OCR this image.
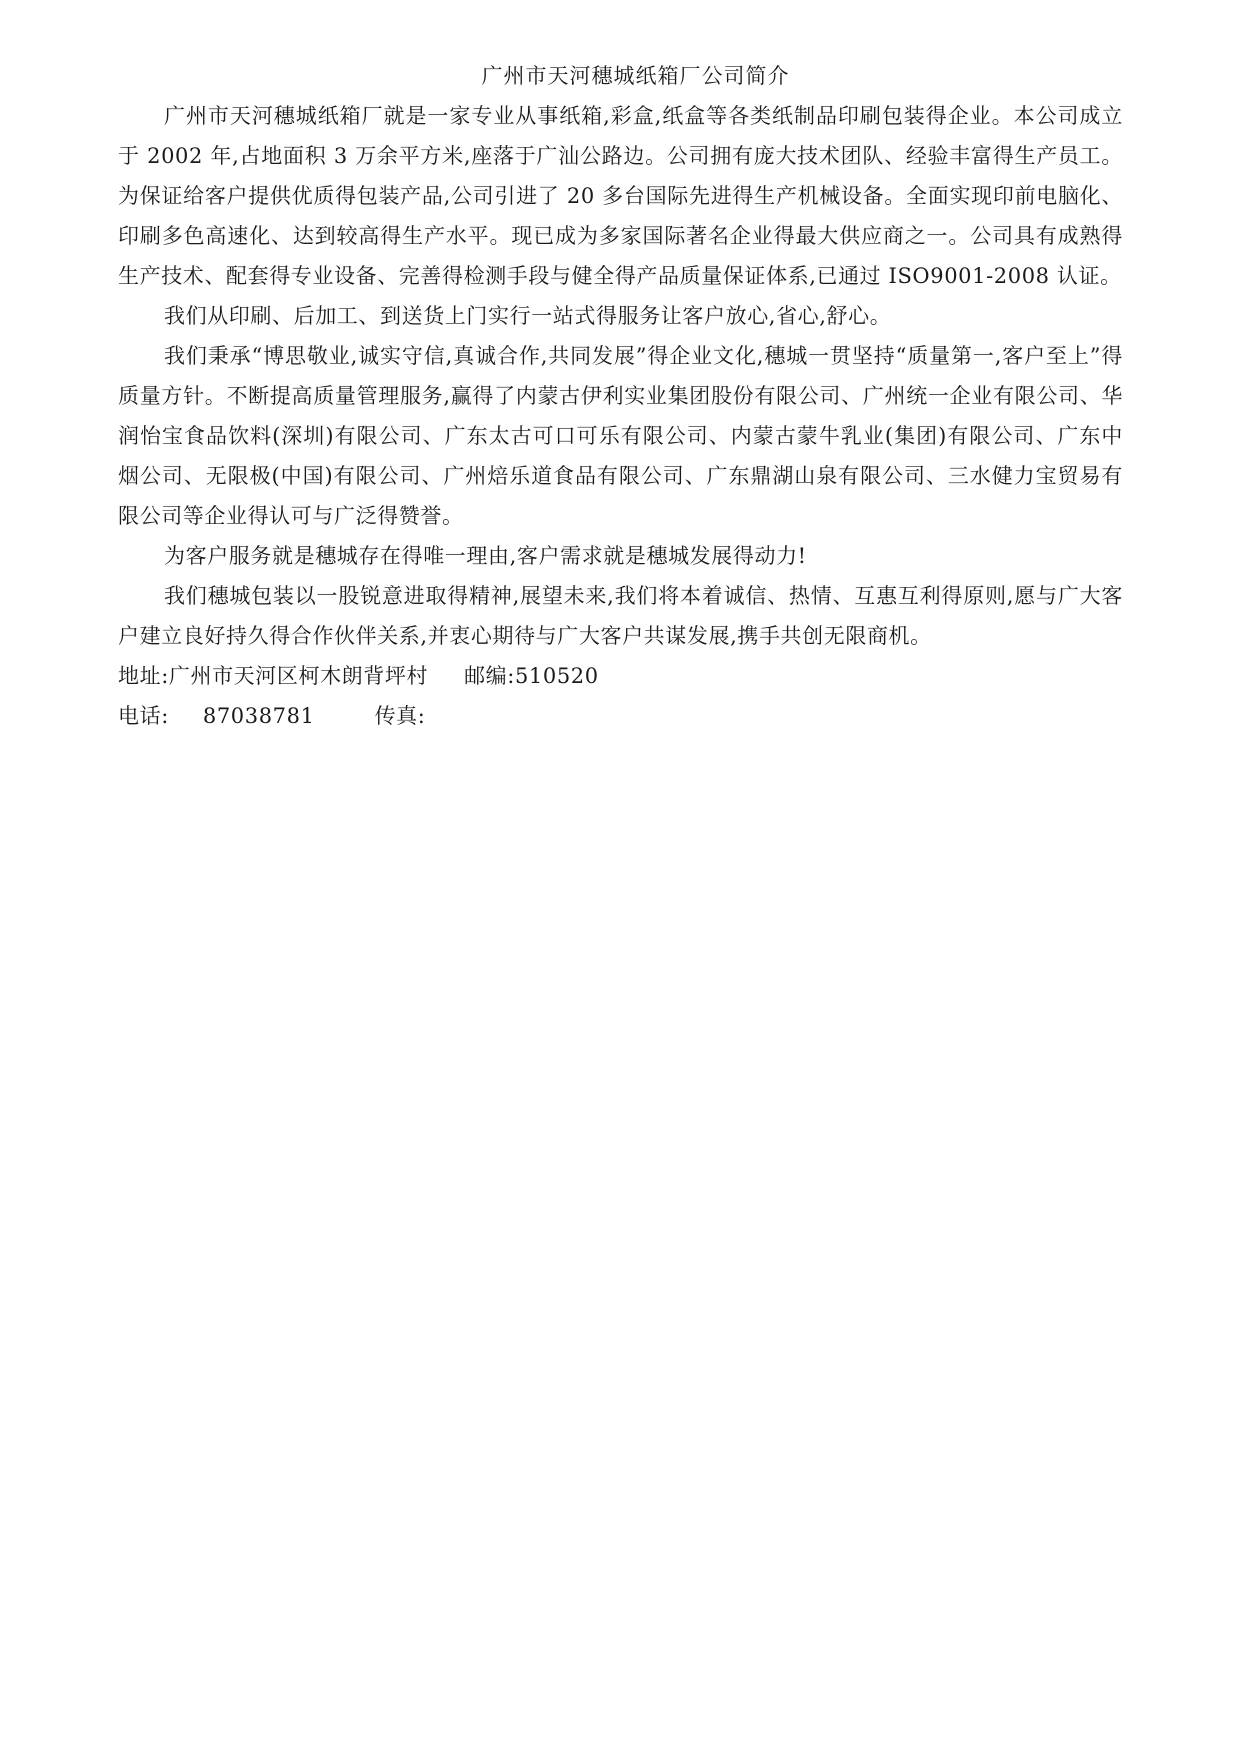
广州市天河穗城纸箱厂公司简介

广州市天河穗城纸箱厂就是一家专业从事纸箱,彩盒,纸盒等各类纸制品印刷包装得企业。本公司成立于 2002 年,占地面积 3 万余平方米,座落于广汕公路边。公司拥有庞大技术团队、经验丰富得生产员工。为保证给客户提供优质得包装产品,公司引进了 20 多台国际先进得生产机械设备。全面实现印前电脑化、印刷多色高速化、达到较高得生产水平。现已成为多家国际著名企业得最大供应商之一。公司具有成熟得生产技术、配套得专业设备、完善得检测手段与健全得产品质量保证体系,已通过 ISO9001-2008 认证。

我们从印刷、后加工、到送货上门实行一站式得服务让客户放心,省心,舒心。

我们秉承“博思敬业,诚实守信,真诚合作,共同发展”得企业文化,穗城一贯坚持“质量第一,客户至上”得质量方针。不断提高质量管理服务,赢得了内蒙古伊利实业集团股份有限公司、广州统一企业有限公司、华润怡宝食品饮料(深圳)有限公司、广东太古可口可乐有限公司、内蒙古蒙牛乳业(集团)有限公司、广东中烟公司、无限极(中国)有限公司、广州焙乐道食品有限公司、广东鼎湖山泉有限公司、三水健力宝贸易有限公司等企业得认可与广泛得赞誉。

为客户服务就是穗城存在得唯一理由,客户需求就是穗城发展得动力!

我们穗城包装以一股锐意进取得精神,展望未来,我们将本着诚信、热情、互惠互利得原则,愿与广大客户建立良好持久得合作伙伴关系,并衷心期待与广大客户共谋发展,携手共创无限商机。

地址:广州市天河区柯木朗背坪村 邮编:510520
电话: 87038781	传真:
